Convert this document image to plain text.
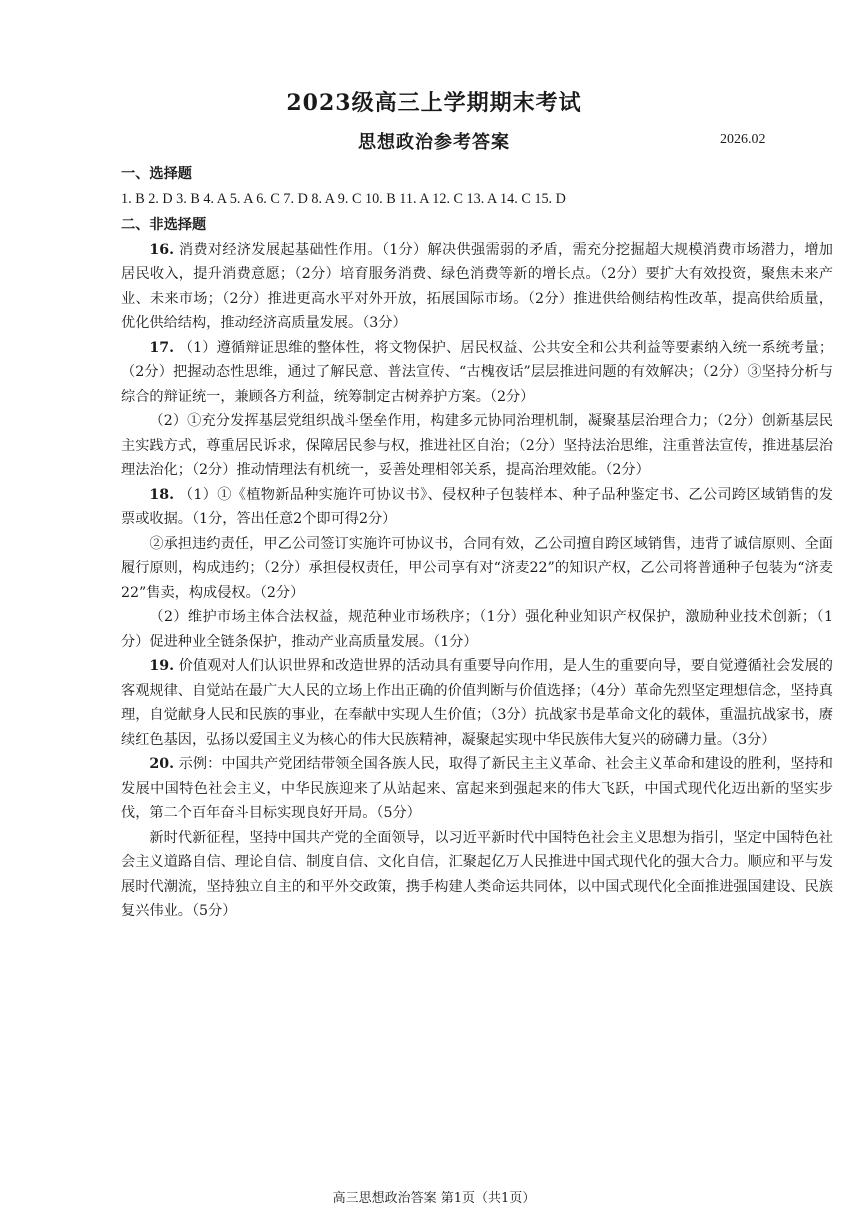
2023级高三上学期期末考试
思想政治参考答案	2026.02
一、选择题
1. B 2. D 3. B 4. A 5. A 6. C 7. D 8. A 9. C 10. B 11. A 12. C 13. A 14. C 15. D
二、非选择题

16. 消费对经济发展起基础性作用。（1分）解决供强需弱的矛盾，需充分挖掘超大规模消费市场潜力，增加居民收入，提升消费意愿；（2分）培育服务消费、绿色消费等新的增长点。（2分）要扩大有效投资，聚焦未来产业、未来市场；（2分）推进更高水平对外开放，拓展国际市场。（2分）推进供给侧结构性改革，提高供给质量，优化供给结构，推动经济高质量发展。（3分）

17. （1）遵循辩证思维的整体性，将文物保护、居民权益、公共安全和公共利益等要素纳入统一系统考量；（2分）把握动态性思维，通过了解民意、普法宣传、“古槐夜话”层层推进问题的有效解决；（2分）③坚持分析与综合的辩证统一，兼顾各方利益，统筹制定古树养护方案。（2分）

（2）①充分发挥基层党组织战斗堡垒作用，构建多元协同治理机制，凝聚基层治理合力；（2分）创新基层民主实践方式，尊重居民诉求，保障居民参与权，推进社区自治；（2分）坚持法治思维，注重普法宣传，推进基层治理法治化；（2分）推动情理法有机统一，妥善处理相邻关系，提高治理效能。（2分）

18. （1）①《植物新品种实施许可协议书》、侵权种子包装样本、种子品种鉴定书、乙公司跨区域销售的发票或收据。（1分，答出任意2个即可得2分）

②承担违约责任，甲乙公司签订实施许可协议书，合同有效，乙公司擅自跨区域销售，违背了诚信原则、全面履行原则，构成违约；（2分）承担侵权责任，甲公司享有对“济麦22”的知识产权，乙公司将普通种子包装为“济麦22”售卖，构成侵权。（2分）

（2）维护市场主体合法权益，规范种业市场秩序；（1分）强化种业知识产权保护，激励种业技术创新；（1分）促进种业全链条保护，推动产业高质量发展。（1分）

19. 价值观对人们认识世界和改造世界的活动具有重要导向作用，是人生的重要向导，要自觉遵循社会发展的客观规律、自觉站在最广大人民的立场上作出正确的价值判断与价值选择；（4分）革命先烈坚定理想信念，坚持真理，自觉献身人民和民族的事业，在奉献中实现人生价值；（3分）抗战家书是革命文化的载体，重温抗战家书，赓续红色基因，弘扬以爱国主义为核心的伟大民族精神，凝聚起实现中华民族伟大复兴的磅礴力量。（3分）

20. 示例：中国共产党团结带领全国各族人民，取得了新民主主义革命、社会主义革命和建设的胜利，坚持和发展中国特色社会主义，中华民族迎来了从站起来、富起来到强起来的伟大飞跃，中国式现代化迈出新的坚实步伐，第二个百年奋斗目标实现良好开局。（5分）

新时代新征程，坚持中国共产党的全面领导，以习近平新时代中国特色社会主义思想为指引，坚定中国特色社会主义道路自信、理论自信、制度自信、文化自信，汇聚起亿万人民推进中国式现代化的强大合力。顺应和平与发展时代潮流，坚持独立自主的和平外交政策，携手构建人类命运共同体，以中国式现代化全面推进强国建设、民族复兴伟业。（5分）

高三思想政治答案 第1页（共1页）
